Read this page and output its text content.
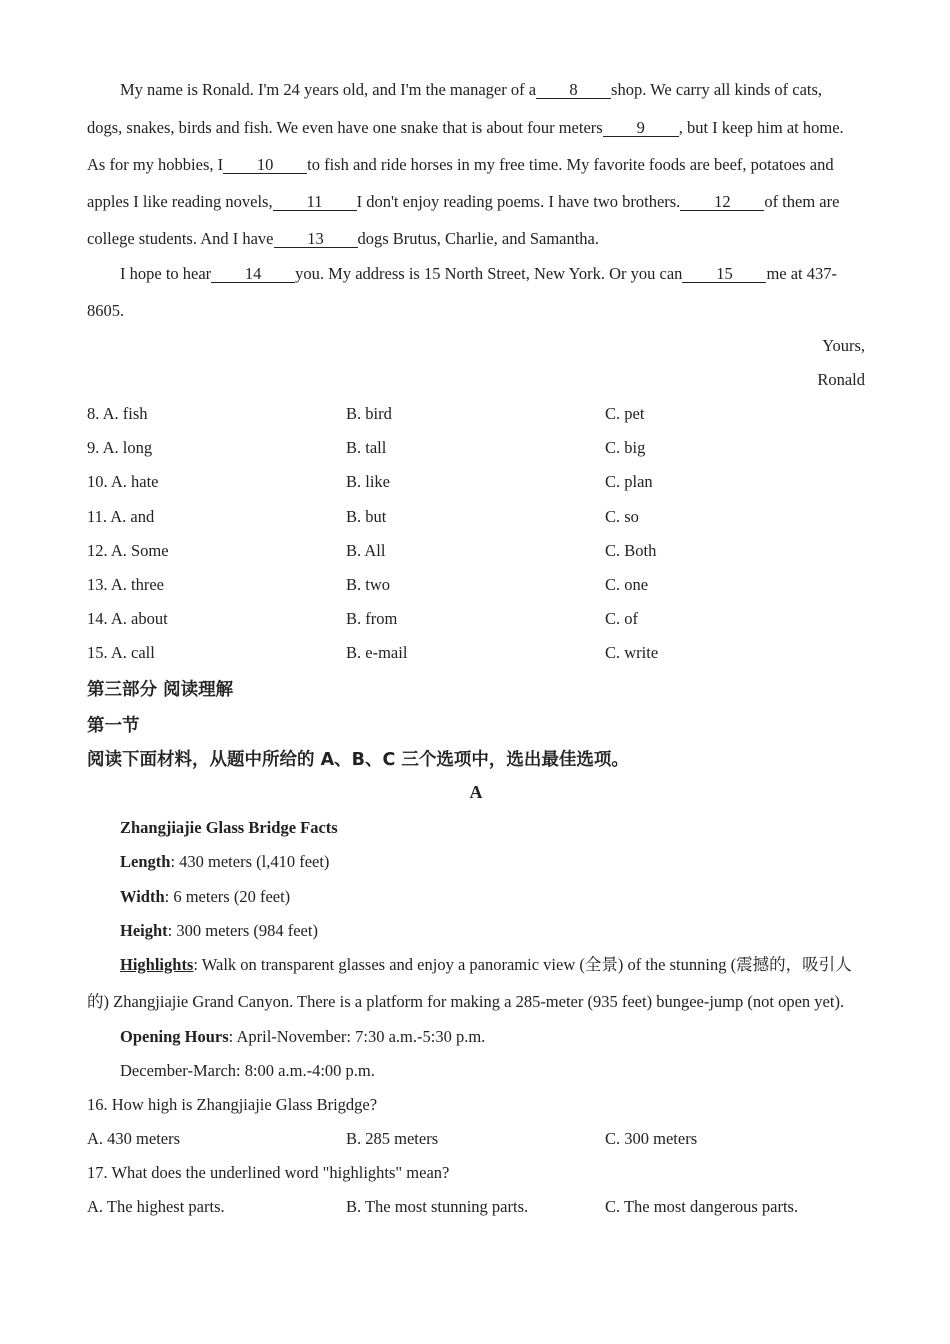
My name is Ronald. I'm 24 years old, and I'm the manager of a 8 shop. We carry all kinds of cats,
dogs, snakes, birds and fish. We even have one snake that is about four meters 9 , but I keep him at home.
As for my hobbies, I 10 to fish and ride horses in my free time. My favorite foods are beef, potatoes and
apples I like reading novels, 11 I don't enjoy reading poems. I have two brothers. 12 of them are
college students. And I have 13 dogs Brutus, Charlie, and Samantha.
I hope to hear 14 you. My address is 15 North Street, New York. Or you can 15 me at 437-
8605.
Yours,
Ronald
8. A. fish	B. bird	C. pet
9. A. long	B. tall	C. big
10. A. hate	B. like	C. plan
11. A. and	B. but	C. so
12. A. Some	B. All	C. Both
13. A. three	B. two	C. one
14. A. about	B. from	C. of
15. A. call	B. e-mail	C. write
第三部分 阅读理解
第一节
阅读下面材料，从题中所给的 A、B、C 三个选项中，选出最佳选项。
A
Zhangjiajie Glass Bridge Facts
Length: 430 meters (l,410 feet)
Width: 6 meters (20 feet)
Height: 300 meters (984 feet)
Highlights: Walk on transparent glasses and enjoy a panoramic view (全景) of the stunning (震撼的，吸引人
的) Zhangjiajie Grand Canyon. There is a platform for making a 285-meter (935 feet) bungee-jump (not open yet).
Opening Hours: April-November: 7:30 a.m.-5:30 p.m.
December-March: 8:00 a.m.-4:00 p.m.
16. How high is Zhangjiajie Glass Brigdge?
A. 430 meters	B. 285 meters	C. 300 meters
17. What does the underlined word "highlights" mean?
A. The highest parts.	B. The most stunning parts.	C. The most dangerous parts.
